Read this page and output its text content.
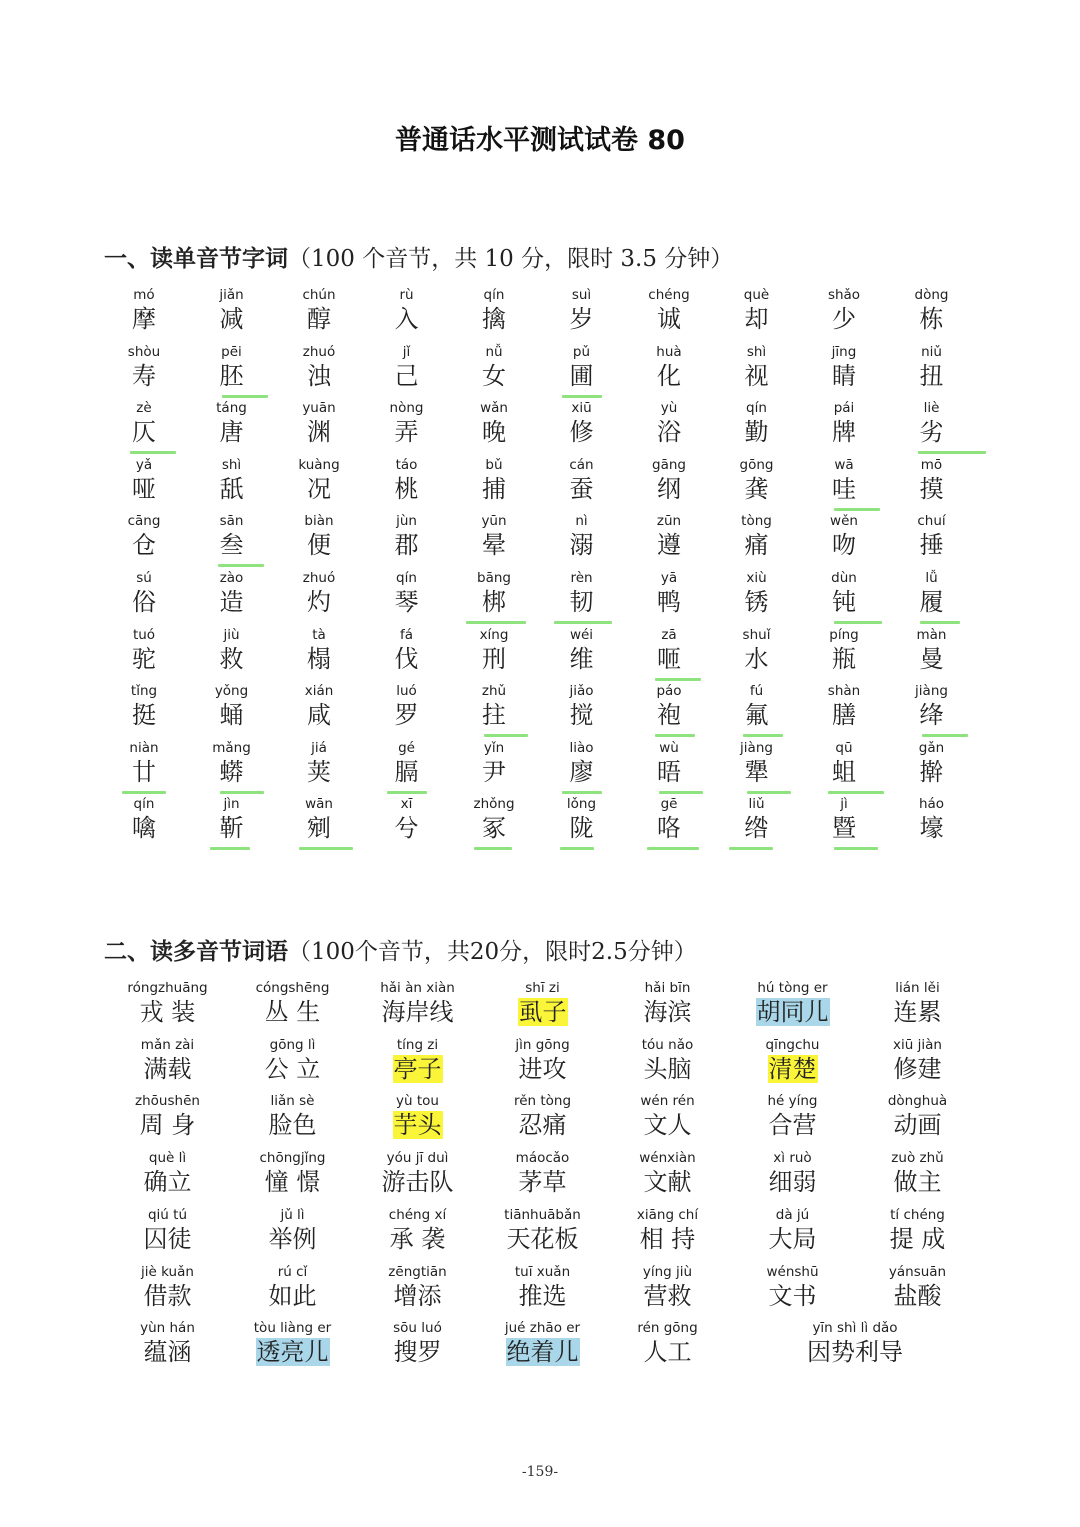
普通话水平测试试卷 80
一、读单音节字词（100 个音节，共 10 分，限时 3.5 分钟）
mó
摩
jiǎn
减
chún
醇
rù
入
qín
擒
suì
岁
chéng
诚
què
却
shǎo
少
dòng
栋
shòu
寿
pēi
胚
zhuó
浊
jǐ
己
nǚ
女
pǔ
圃
huà
化
shì
视
jīng
睛
niǔ
扭
zè
仄
táng
唐
yuān
渊
nòng
弄
wǎn
晚
xiū
修
yù
浴
qín
勤
pái
牌
liè
劣
yǎ
哑
shì
舐
kuàng
况
táo
桃
bǔ
捕
cán
蚕
gāng
纲
gōng
龚
wā
哇
mō
摸
cāng
仓
sān
叁
biàn
便
jùn
郡
yūn
晕
nì
溺
zūn
遵
tòng
痛
wěn
吻
chuí
捶
sú
俗
zào
造
zhuó
灼
qín
琴
bāng
梆
rèn
韧
yā
鸭
xiù
锈
dùn
钝
lǚ
履
tuó
驼
jiù
救
tà
榻
fá
伐
xíng
刑
wéi
维
zā
咂
shuǐ
水
píng
瓶
màn
曼
tǐng
挺
yǒng
蛹
xián
咸
luó
罗
zhǔ
拄
jiǎo
搅
páo
袍
fú
氟
shàn
膳
jiàng
绛
niàn
廿
mǎng
蟒
jiá
荚
gé
膈
yǐn
尹
liào
廖
wù
晤
jiàng
犟
qū
蛆
gǎn
擀
qín
噙
jìn
靳
wān
剜
xī
兮
zhǒng
冢
lǒng
陇
gē
咯
liǔ
绺
jì
暨
háo
壕
二、读多音节词语（100个音节，共20分，限时2.5分钟）
róngzhuāng
戎 装
cóngshēng
丛 生
hǎi àn xiàn
海岸线
shī zi
虱子
hǎi bīn
海滨
hú tòng er
胡同儿
lián lěi
连累
mǎn zài
满载
gōng lì
公 立
tíng zi
亭子
jìn gōng
进攻
tóu nǎo
头脑
qīngchu
清楚
xiū jiàn
修建
zhōushēn
周 身
liǎn sè
脸色
yù tou
芋头
rěn tòng
忍痛
wén rén
文人
hé yíng
合营
dònghuà
动画
què lì
确立
chōngjǐng
憧 憬
yóu jī duì
游击队
máocǎo
茅草
wénxiàn
文献
xì ruò
细弱
zuò zhǔ
做主
qiú tú
囚徒
jǔ lì
举例
chéng xí
承 袭
tiānhuābǎn
天花板
xiāng chí
相 持
dà jú
大局
tí chéng
提 成
jiè kuǎn
借款
rú cǐ
如此
zēngtiān
增添
tuī xuǎn
推选
yíng jiù
营救
wénshū
文书
yánsuān
盐酸
yùn hán
蕴涵
tòu liàng er
透亮儿
sōu luó
搜罗
jué zhāo er
绝着儿
rén gōng
人工
yīn shì lì dǎo
因势利导
-159-
